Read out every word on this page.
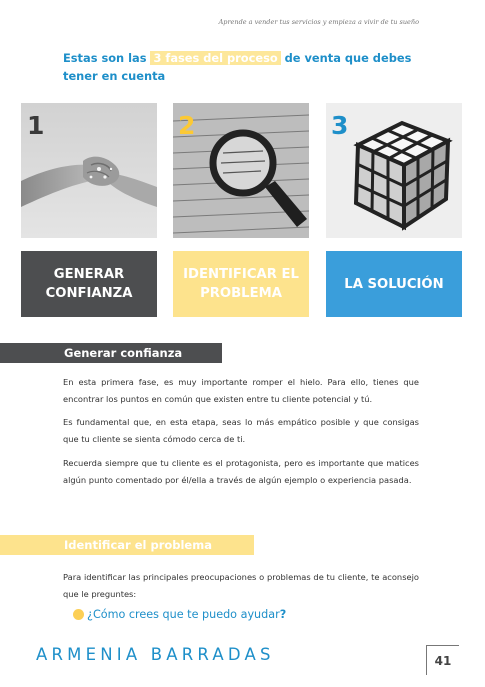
Aprende a vender tus servicios y empieza a vivir de tu sueño
Estas son las 3 fases del proceso de venta que debes tener en cuenta
1	2	3
GENERAR CONFIANZA
IDENTIFICAR EL PROBLEMA
LA SOLUCIÓN
Generar confianza

En esta primera fase, es muy importante romper el hielo. Para ello, tienes que encontrar los puntos en común que existen entre tu cliente potencial y tú.

Es fundamental que, en esta etapa, seas lo más empático posible y que consigas que tu cliente se sienta cómodo cerca de ti.

Recuerda siempre que tu cliente es el protagonista, pero es importante que matices algún punto comentado por él/ella a través de algún ejemplo o experiencia pasada.

Identificar el problema

Para identificar las principales preocupaciones o problemas de tu cliente, te aconsejo que le preguntes:

¿Cómo crees que te puedo ayudar ?
ARMENIA BARRADAS	41
